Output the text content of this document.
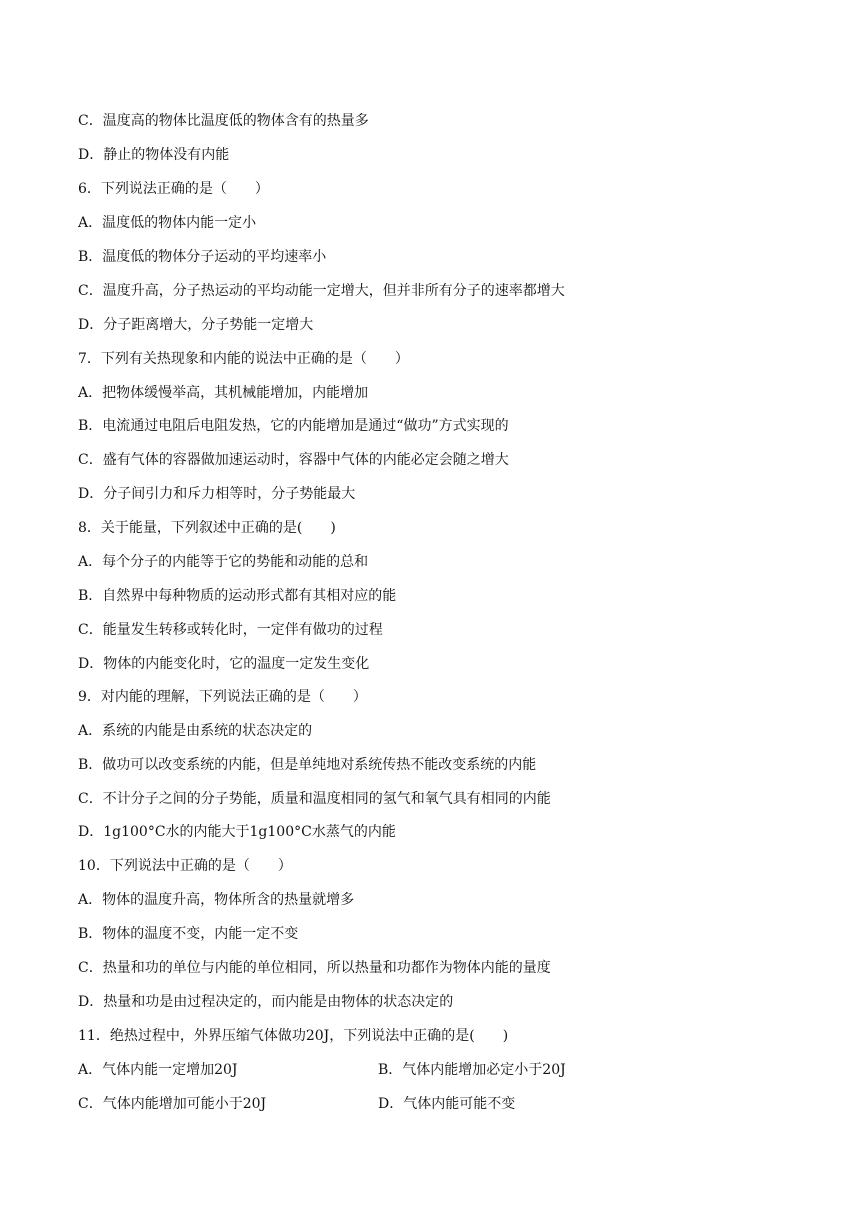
C．温度高的物体比温度低的物体含有的热量多
D．静止的物体没有内能
6．下列说法正确的是（　　）
A．温度低的物体内能一定小
B．温度低的物体分子运动的平均速率小
C．温度升高，分子热运动的平均动能一定增大，但并非所有分子的速率都增大
D．分子距离增大，分子势能一定增大
7．下列有关热现象和内能的说法中正确的是（　　）
A．把物体缓慢举高，其机械能增加，内能增加
B．电流通过电阻后电阻发热，它的内能增加是通过“做功”方式实现的
C．盛有气体的容器做加速运动时，容器中气体的内能必定会随之增大
D．分子间引力和斥力相等时，分子势能最大
8．关于能量，下列叙述中正确的是(　　)
A．每个分子的内能等于它的势能和动能的总和
B．自然界中每种物质的运动形式都有其相对应的能
C．能量发生转移或转化时，一定伴有做功的过程
D．物体的内能变化时，它的温度一定发生变化
9．对内能的理解，下列说法正确的是（　　）
A．系统的内能是由系统的状态决定的
B．做功可以改变系统的内能，但是单纯地对系统传热不能改变系统的内能
C．不计分子之间的分子势能，质量和温度相同的氢气和氧气具有相同的内能
D．1g100°C水的内能大于1g100°C水蒸气的内能
10．下列说法中正确的是（　　）
A．物体的温度升高，物体所含的热量就增多
B．物体的温度不变，内能一定不变
C．热量和功的单位与内能的单位相同，所以热量和功都作为物体内能的量度
D．热量和功是由过程决定的，而内能是由物体的状态决定的
11．绝热过程中，外界压缩气体做功20J，下列说法中正确的是(　　)
A．气体内能一定增加20J	B．气体内能增加必定小于20J
C．气体内能增加可能小于20J	D．气体内能可能不变
